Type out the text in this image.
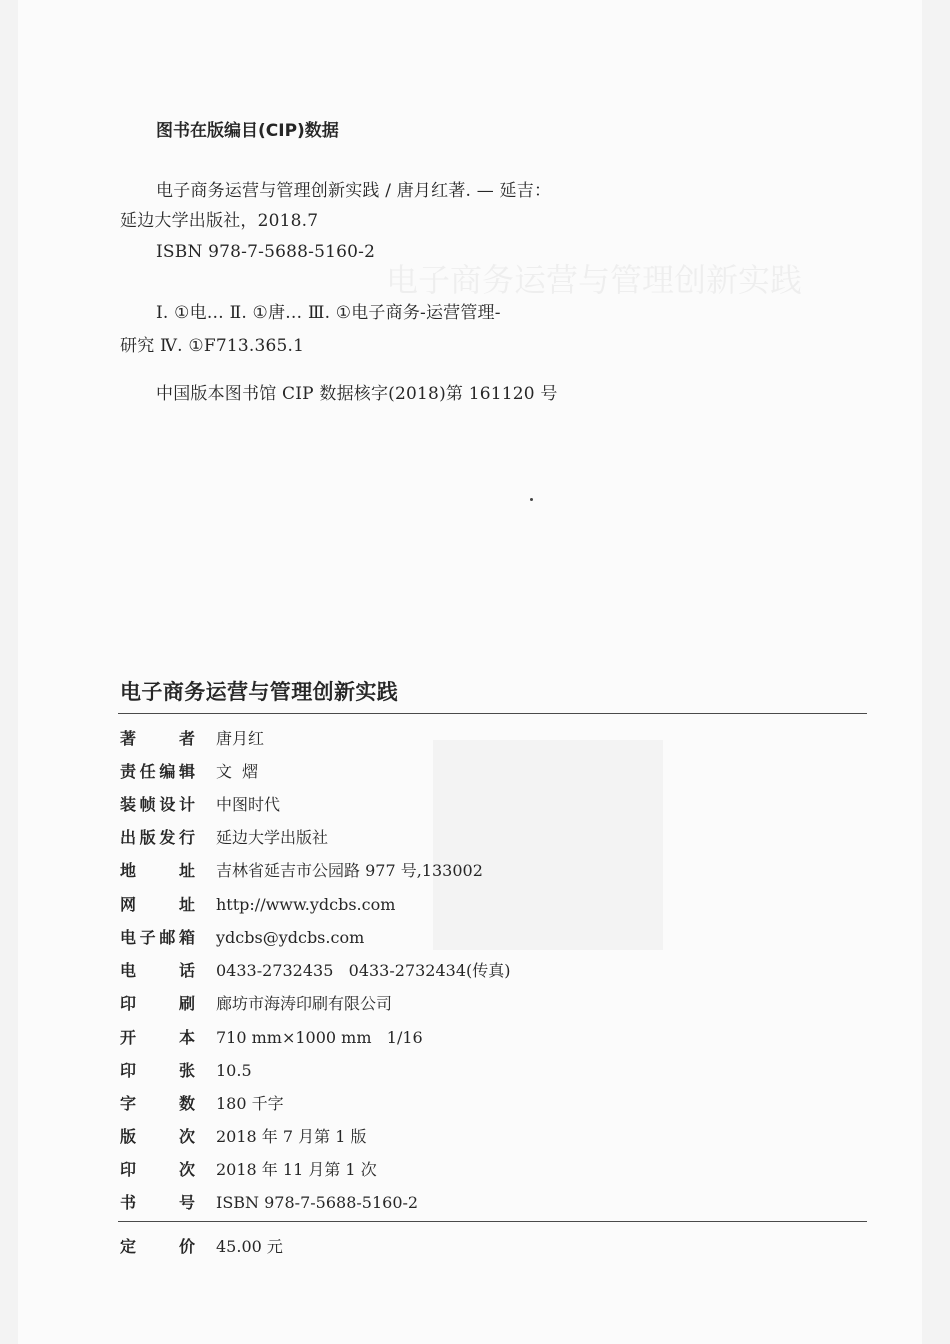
电子商务运营与管理创新实践
图书在版编目(CIP)数据
电子商务运营与管理创新实践 / 唐月红著. — 延吉：
延边大学出版社，2018.7
ISBN 978-7-5688-5160-2
Ⅰ. ①电… Ⅱ. ①唐… Ⅲ. ①电子商务-运营管理-
研究 Ⅳ. ①F713.365.1
中国版本图书馆 CIP 数据核字(2018)第 161120 号
电子商务运营与管理创新实践
著者 唐月红
责任编辑 文  熠
装帧设计 中图时代
出版发行 延边大学出版社
地址 吉林省延吉市公园路 977 号,133002
网址 http://www.ydcbs.com
电子邮箱 ydcbs@ydcbs.com
电话 0433-2732435   0433-2732434(传真)
印刷 廊坊市海涛印刷有限公司
开本 710 mm×1000 mm   1/16
印张 10.5
字数 180 千字
版次 2018 年 7 月第 1 版
印次 2018 年 11 月第 1 次
书号 ISBN 978-7-5688-5160-2
定价 45.00 元
